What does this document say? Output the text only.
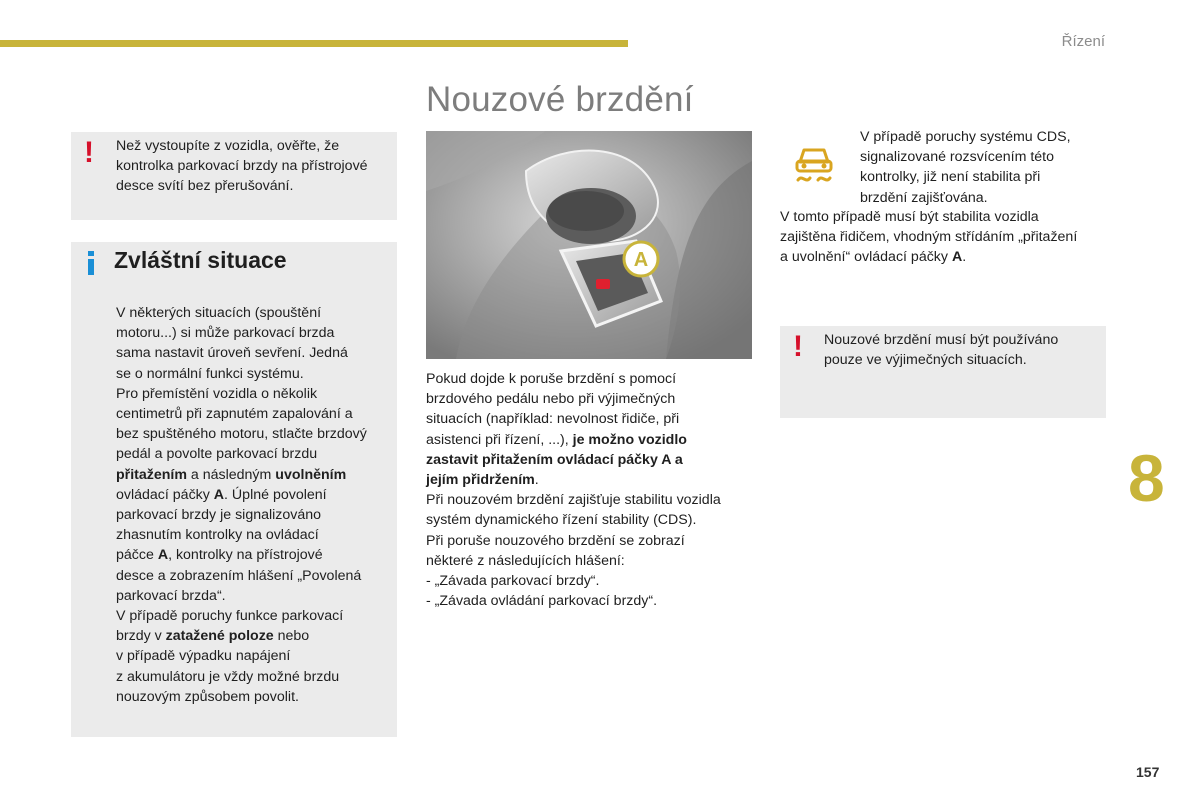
Řízení
Nouzové brzdění
! Než vystoupíte z vozidla, ověřte, že

kontrolka parkovací brzdy na přístrojové

desce svítí bez přerušování.

Zvláštní situace

V některých situacích (spouštění

motoru...) si může parkovací brzda

sama nastavit úroveň sevření. Jedná

se o normální funkci systému.

Pro přemístění vozidla o několik

centimetrů při zapnutém zapalování a

bez spuštěného motoru, stlačte brzdový

pedál a povolte parkovací brzdu

přitažením a následným uvolněním

ovládací páčky A. Úplné povolení

parkovací brzdy je signalizováno

zhasnutím kontrolky na ovládací

páčce A, kontrolky na přístrojové

desce a zobrazením hlášení „Povolená

parkovací brzda“.

V případě poruchy funkce parkovací

brzdy v zatažené poloze nebo

v případě výpadku napájení

z akumulátoru je vždy možné brzdu

nouzovým způsobem povolit.

A

Pokud dojde k poruše brzdění s pomocí

brzdového pedálu nebo při výjimečných

situacích (například: nevolnost řidiče, při

asistenci při řízení, ...), je možno vozidlo

zastavit přitažením ovládací páčky A a

jejím přidržením.

Při nouzovém brzdění zajišťuje stabilitu vozidla

systém dynamického řízení stability (CDS).

Při poruše nouzového brzdění se zobrazí

některé z následujících hlášení:

- „Závada parkovací brzdy“.

- „Závada ovládání parkovací brzdy“.

V případě poruchy systému CDS,

signalizované rozsvícením této

kontrolky, již není stabilita při

brzdění zajišťována.

V tomto případě musí být stabilita vozidla

zajištěna řidičem, vhodným střídáním „přitažení

a uvolnění“ ovládací páčky A.

! Nouzové brzdění musí být používáno

pouze ve výjimečných situacích.

8
157
